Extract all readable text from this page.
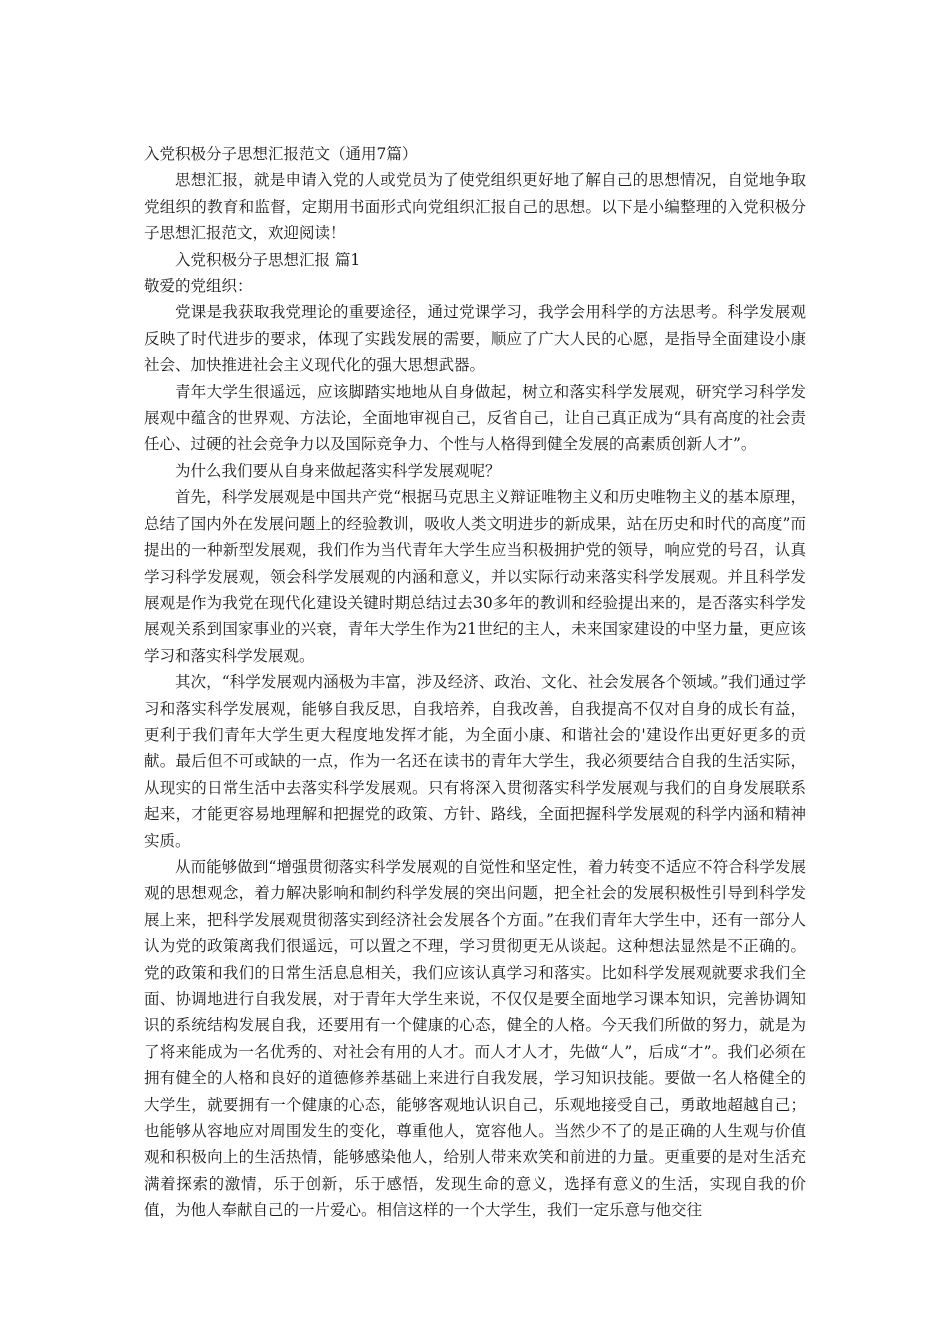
入党积极分子思想汇报范文（通用7篇）

思想汇报，就是申请入党的人或党员为了使党组织更好地了解自己的思想情况，自觉地争取党组织的教育和监督，定期用书面形式向党组织汇报自己的思想。以下是小编整理的入党积极分子思想汇报范文，欢迎阅读！

入党积极分子思想汇报 篇1

敬爱的党组织：

党课是我获取我党理论的重要途径，通过党课学习，我学会用科学的方法思考。科学发展观反映了时代进步的要求，体现了实践发展的需要，顺应了广大人民的心愿，是指导全面建设小康社会、加快推进社会主义现代化的强大思想武器。

青年大学生很遥远，应该脚踏实地地从自身做起，树立和落实科学发展观，研究学习科学发展观中蕴含的世界观、方法论，全面地审视自己，反省自己，让自己真正成为“具有高度的社会责任心、过硬的社会竞争力以及国际竞争力、个性与人格得到健全发展的高素质创新人才”。

为什么我们要从自身来做起落实科学发展观呢？

首先，科学发展观是中国共产党“根据马克思主义辩证唯物主义和历史唯物主义的基本原理，总结了国内外在发展问题上的经验教训，吸收人类文明进步的新成果，站在历史和时代的高度”而提出的一种新型发展观，我们作为当代青年大学生应当积极拥护党的领导，响应党的号召，认真学习科学发展观，领会科学发展观的内涵和意义，并以实际行动来落实科学发展观。并且科学发展观是作为我党在现代化建设关键时期总结过去30多年的教训和经验提出来的，是否落实科学发展观关系到国家事业的兴衰，青年大学生作为21世纪的主人，未来国家建设的中坚力量，更应该学习和落实科学发展观。

其次，“科学发展观内涵极为丰富，涉及经济、政治、文化、社会发展各个领域。”我们通过学习和落实科学发展观，能够自我反思，自我培养，自我改善，自我提高不仅对自身的成长有益，更利于我们青年大学生更大程度地发挥才能，为全面小康、和谐社会的'建设作出更好更多的贡献。最后但不可或缺的一点，作为一名还在读书的青年大学生，我必须要结合自我的生活实际，从现实的日常生活中去落实科学发展观。只有将深入贯彻落实科学发展观与我们的自身发展联系起来，才能更容易地理解和把握党的政策、方针、路线，全面把握科学发展观的科学内涵和精神实质。

从而能够做到“增强贯彻落实科学发展观的自觉性和坚定性，着力转变不适应不符合科学发展观的思想观念，着力解决影响和制约科学发展的突出问题，把全社会的发展积极性引导到科学发展上来，把科学发展观贯彻落实到经济社会发展各个方面。”在我们青年大学生中，还有一部分人认为党的政策离我们很遥远，可以置之不理，学习贯彻更无从谈起。这种想法显然是不正确的。党的政策和我们的日常生活息息相关，我们应该认真学习和落实。比如科学发展观就要求我们全面、协调地进行自我发展，对于青年大学生来说，不仅仅是要全面地学习课本知识，完善协调知识的系统结构发展自我，还要用有一个健康的心态，健全的人格。今天我们所做的努力，就是为了将来能成为一名优秀的、对社会有用的人才。而人才人才，先做“人”，后成“才”。我们必须在拥有健全的人格和良好的道德修养基础上来进行自我发展，学习知识技能。要做一名人格健全的大学生，就要拥有一个健康的心态，能够客观地认识自己，乐观地接受自己，勇敢地超越自己；也能够从容地应对周围发生的变化，尊重他人，宽容他人。当然少不了的是正确的人生观与价值观和积极向上的生活热情，能够感染他人，给别人带来欢笑和前进的力量。更重要的是对生活充满着探索的激情，乐于创新，乐于感悟，发现生命的意义，选择有意义的生活，实现自我的价值，为他人奉献自己的一片爱心。相信这样的一个大学生，我们一定乐意与他交往
